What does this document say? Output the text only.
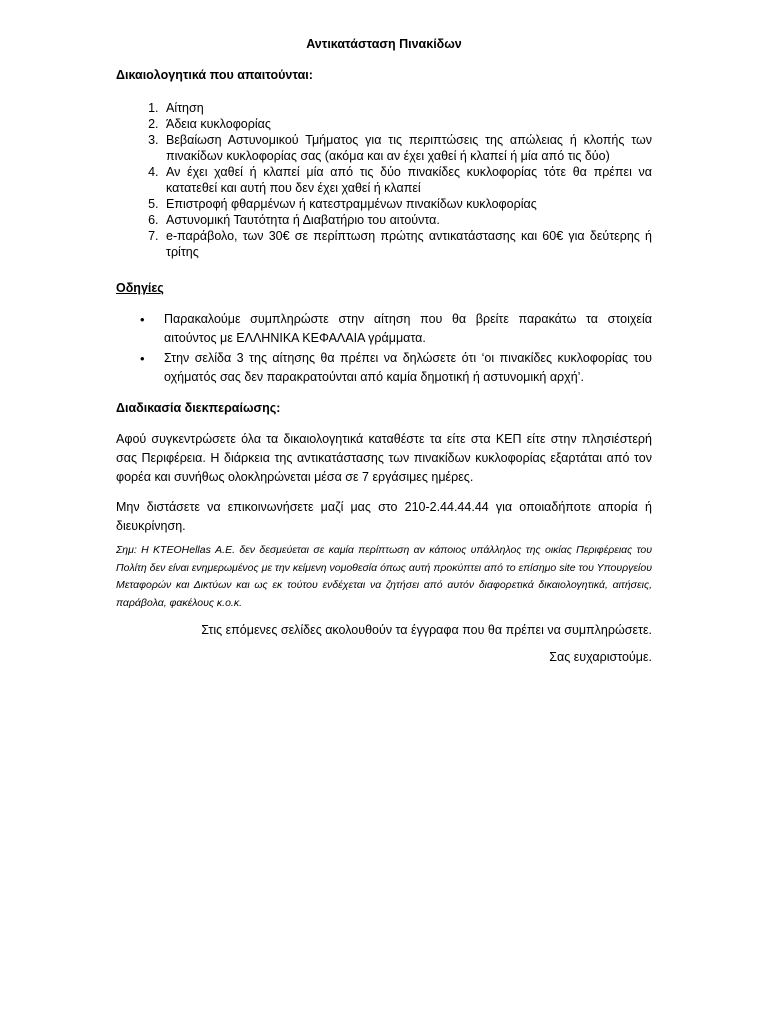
Αντικατάσταση Πινακίδων

Δικαιολογητικά που απαιτούνται:

1. Αίτηση
2. Άδεια κυκλοφορίας
3. Βεβαίωση Αστυνομικού Τμήματος για τις περιπτώσεις της απώλειας ή κλοπής των πινακίδων κυκλοφορίας σας (ακόμα και αν έχει χαθεί ή κλαπεί ή μία από τις δύο)
4. Αν έχει χαθεί ή κλαπεί μία από τις δύο πινακίδες κυκλοφορίας τότε θα πρέπει να κατατεθεί και αυτή που δεν έχει χαθεί ή κλαπεί
5. Επιστροφή φθαρμένων ή κατεστραμμένων πινακίδων κυκλοφορίας
6. Αστυνομική Ταυτότητα ή Διαβατήριο του αιτούντα.
7. e-παράβολο, των 30€ σε περίπτωση πρώτης αντικατάστασης και 60€ για δεύτερης ή τρίτης

Οδηγίες

• Παρακαλούμε συμπληρώστε στην αίτηση που θα βρείτε παρακάτω τα στοιχεία αιτούντος με ΕΛΛΗΝΙΚΑ ΚΕΦΑΛΑΙΑ γράμματα.
• Στην σελίδα 3 της αίτησης θα πρέπει να δηλώσετε ότι ‘οι πινακίδες κυκλοφορίας του οχήματός σας δεν παρακρατούνται από καμία δημοτική ή αστυνομική αρχή’.

Διαδικασία διεκπεραίωσης:

Αφού συγκεντρώσετε όλα τα δικαιολογητικά καταθέστε τα είτε στα ΚΕΠ είτε στην πλησιέστερή σας Περιφέρεια. Η διάρκεια της αντικατάστασης των πινακίδων κυκλοφορίας εξαρτάται από τον φορέα και συνήθως ολοκληρώνεται μέσα σε 7 εργάσιμες ημέρες.

Μην διστάσετε να επικοινωνήσετε μαζί μας στο 210-2.44.44.44 για οποιαδήποτε απορία ή διευκρίνηση.

Σημ: Η ΚΤΕΟHellas Α.Ε. δεν δεσμεύεται σε καμία περίπτωση αν κάποιος υπάλληλος της οικίας Περιφέρειας του Πολίτη δεν είναι ενημερωμένος με την κείμενη νομοθεσία όπως αυτή προκύπτει από το επίσημο site του Υπουργείου Μεταφορών και Δικτύων και ως εκ τούτου ενδέχεται να ζητήσει από αυτόν διαφορετικά δικαιολογητικά, αιτήσεις, παράβολα, φακέλους κ.ο.κ.

Στις επόμενες σελίδες ακολουθούν τα έγγραφα που θα πρέπει να συμπληρώσετε.

Σας ευχαριστούμε.
